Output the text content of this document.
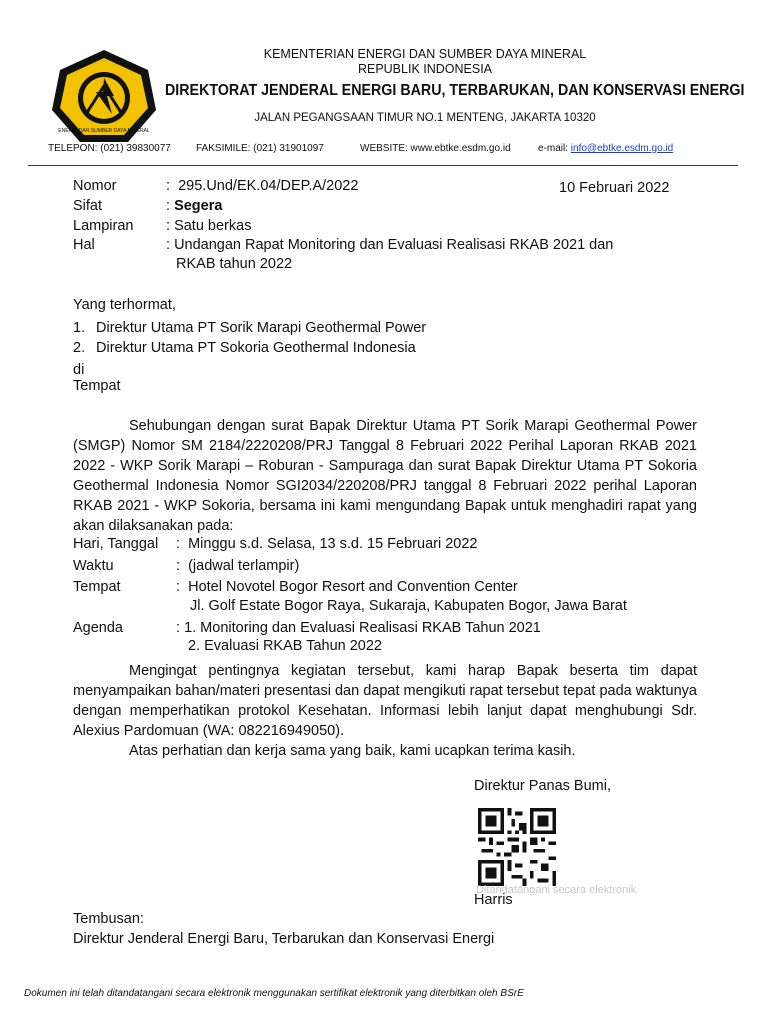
ENERGI DAN SUMBER DAYA MINERAL
KEMENTERIAN ENERGI DAN SUMBER DAYA MINERAL
REPUBLIK INDONESIA
DIREKTORAT JENDERAL ENERGI BARU, TERBARUKAN, DAN KONSERVASI ENERGI
JALAN PEGANGSAAN TIMUR NO.1 MENTENG, JAKARTA 10320
TELEPON: (021) 39830077	FAKSIMILE: (021) 31901097	WEBSITE: www.ebtke.esdm.go.id	e-mail: info@ebtke.esdm.go.id
Nomor	:  295.Und/EK.04/DEP.A/2022	10 Februari 2022
Sifat	: Segera
Lampiran : Satu berkas
Hal	: Undangan Rapat Monitoring dan Evaluasi Realisasi RKAB 2021 dan
RKAB tahun 2022
Yang terhormat,
1. Direktur Utama PT Sorik Marapi Geothermal Power
2. Direktur Utama PT Sokoria Geothermal Indonesia
di
Tempat
Sehubungan dengan surat Bapak Direktur Utama PT Sorik Marapi Geothermal Power (SMGP) Nomor SM 2184/2220208/PRJ Tanggal 8 Februari 2022 Perihal Laporan RKAB 2021 2022 - WKP Sorik Marapi – Roburan - Sampuraga dan surat Bapak Direktur Utama PT Sokoria Geothermal Indonesia Nomor SGI2034/220208/PRJ tanggal 8 Februari 2022 perihal Laporan RKAB 2021 - WKP Sokoria, bersama ini kami mengundang Bapak untuk menghadiri rapat yang akan dilaksanakan pada:
Hari, Tanggal :  Minggu s.d. Selasa, 13 s.d. 15 Februari 2022
Waktu	:  (jadwal terlampir)
Tempat	:  Hotel Novotel Bogor Resort and Convention Center
Jl. Golf Estate Bogor Raya, Sukaraja, Kabupaten Bogor, Jawa Barat
Agenda	: 1. Monitoring dan Evaluasi Realisasi RKAB Tahun 2021
2. Evaluasi RKAB Tahun 2022
Mengingat pentingnya kegiatan tersebut, kami harap Bapak beserta tim dapat menyampaikan bahan/materi presentasi dan dapat mengikuti rapat tersebut tepat pada waktunya dengan memperhatikan protokol Kesehatan. Informasi lebih lanjut dapat menghubungi Sdr. Alexius Pardomuan (WA: 082216949050).
Atas perhatian dan kerja sama yang baik, kami ucapkan terima kasih.
Direktur Panas Bumi,
Ditandatangani secara elektronik
Harris
Tembusan:
Direktur Jenderal Energi Baru, Terbarukan dan Konservasi Energi
Dokumen ini telah ditandatangani secara elektronik menggunakan sertifikat elektronik yang diterbitkan oleh BSrE
